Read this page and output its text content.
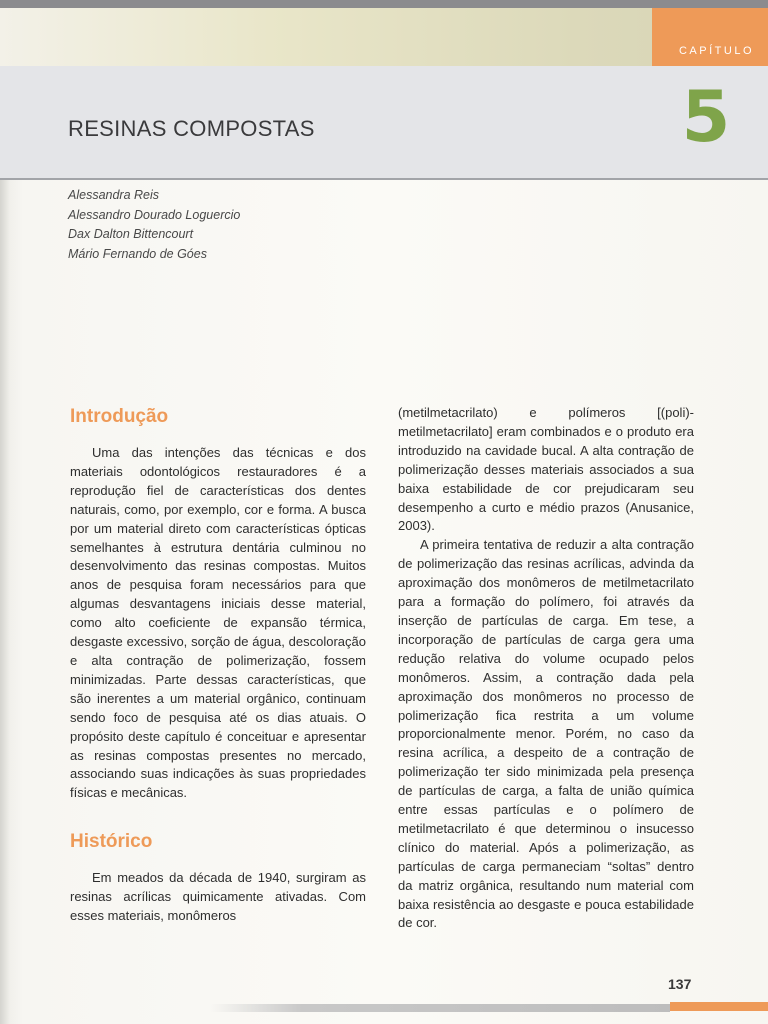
CAPÍTULO
5
RESINAS COMPOSTAS
Alessandra Reis
Alessandro Dourado Loguercio
Dax Dalton Bittencourt
Mário Fernando de Góes
Introdução

Uma das intenções das técnicas e dos materiais odontológicos restauradores é a reprodução fiel de características dos dentes naturais, como, por exemplo, cor e forma. A busca por um material direto com características ópticas semelhantes à estrutura dentária culminou no desenvolvimento das resinas compostas. Muitos anos de pesquisa foram necessários para que algumas desvantagens iniciais desse material, como alto coeficiente de expansão térmica, desgaste excessivo, sorção de água, descoloração e alta contração de polimerização, fossem minimizadas. Parte dessas características, que são inerentes a um material orgânico, continuam sendo foco de pesquisa até os dias atuais. O propósito deste capítulo é conceituar e apresentar as resinas compostas presentes no mercado, associando suas indicações às suas propriedades físicas e mecânicas.

Histórico

Em meados da década de 1940, surgiram as resinas acrílicas quimicamente ativadas. Com esses materiais, monômeros

(metilmetacrilato) e polímeros [(poli)-metilmetacrilato] eram combinados e o produto era introduzido na cavidade bucal. A alta contração de polimerização desses materiais associados a sua baixa estabilidade de cor prejudicaram seu desempenho a curto e médio prazos (Anusanice, 2003).

A primeira tentativa de reduzir a alta contração de polimerização das resinas acrílicas, advinda da aproximação dos monômeros de metilmetacrilato para a formação do polímero, foi através da inserção de partículas de carga. Em tese, a incorporação de partículas de carga gera uma redução relativa do volume ocupado pelos monômeros. Assim, a contração dada pela aproximação dos monômeros no processo de polimerização fica restrita a um volume proporcionalmente menor. Porém, no caso da resina acrílica, a despeito de a contração de polimerização ter sido minimizada pela presença de partículas de carga, a falta de união química entre essas partículas e o polímero de metilmetacrilato é que determinou o insucesso clínico do material. Após a polimerização, as partículas de carga permaneciam “soltas” dentro da matriz orgânica, resultando num material com baixa resistência ao desgaste e pouca estabilidade de cor.

137
